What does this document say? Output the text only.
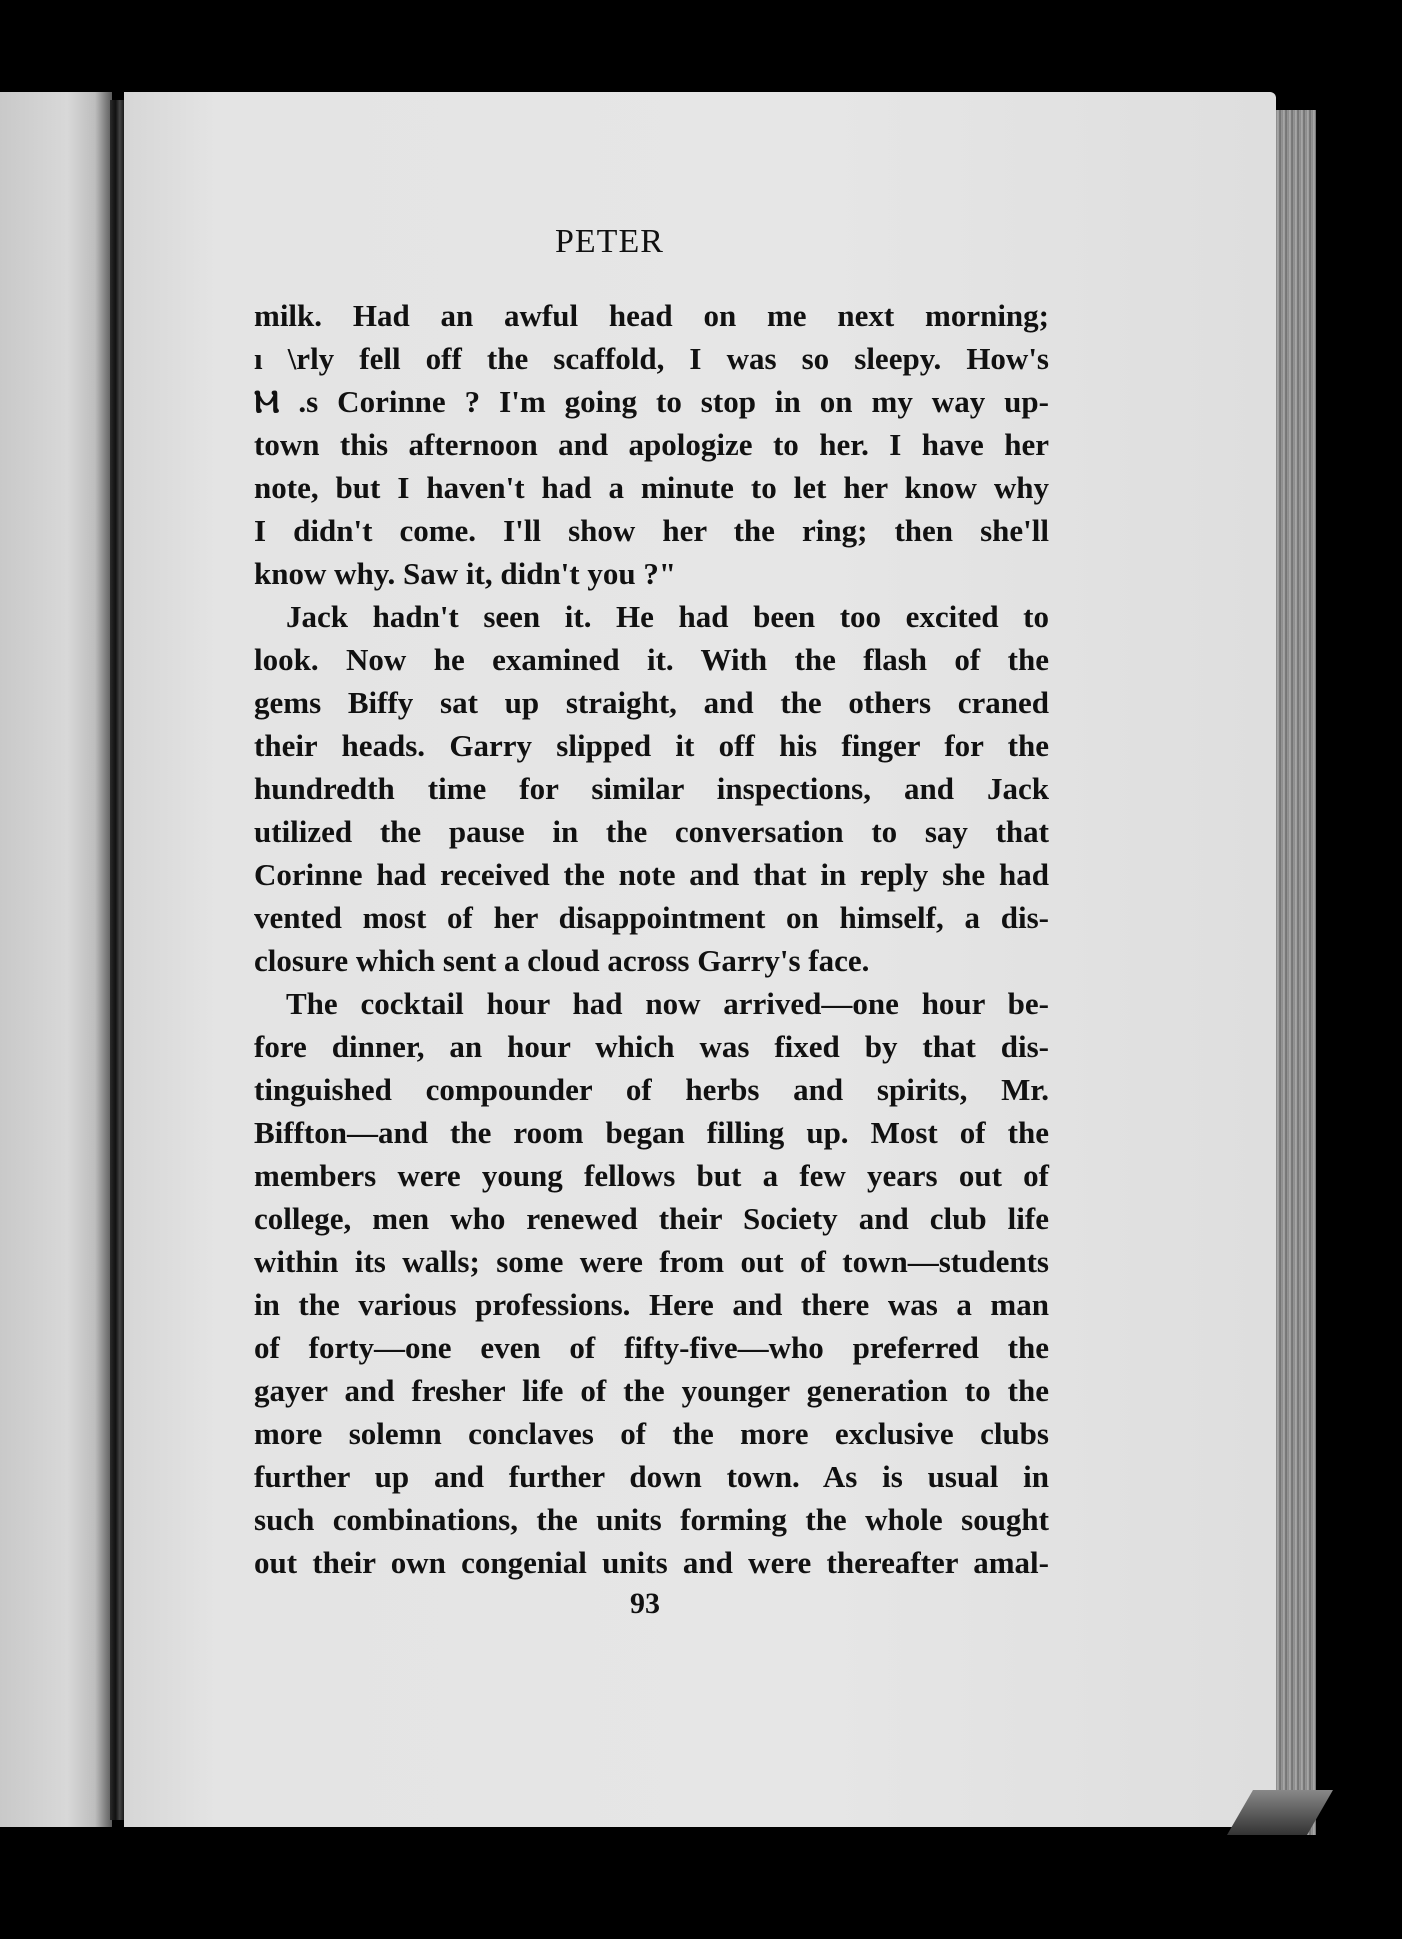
PETER
milk. Had an awful head on me next morning;
ı \rly fell off the scaffold, I was so sleepy. How's
Ⲙ .s Corinne ? I'm going to stop in on my way up-
town this afternoon and apologize to her. I have her
note, but I haven't had a minute to let her know why
I didn't come. I'll show her the ring; then she'll
know why. Saw it, didn't you ?"
Jack hadn't seen it. He had been too excited to
look. Now he examined it. With the flash of the
gems Biffy sat up straight, and the others craned
their heads. Garry slipped it off his finger for the
hundredth time for similar inspections, and Jack
utilized the pause in the conversation to say that
Corinne had received the note and that in reply she had
vented most of her disappointment on himself, a dis-
closure which sent a cloud across Garry's face.
The cocktail hour had now arrived—one hour be-
fore dinner, an hour which was fixed by that dis-
tinguished compounder of herbs and spirits, Mr.
Biffton—and the room began filling up. Most of the
members were young fellows but a few years out of
college, men who renewed their Society and club life
within its walls; some were from out of town—students
in the various professions. Here and there was a man
of forty—one even of fifty-five—who preferred the
gayer and fresher life of the younger generation to the
more solemn conclaves of the more exclusive clubs
further up and further down town. As is usual in
such combinations, the units forming the whole sought
out their own congenial units and were thereafter amal-
93
